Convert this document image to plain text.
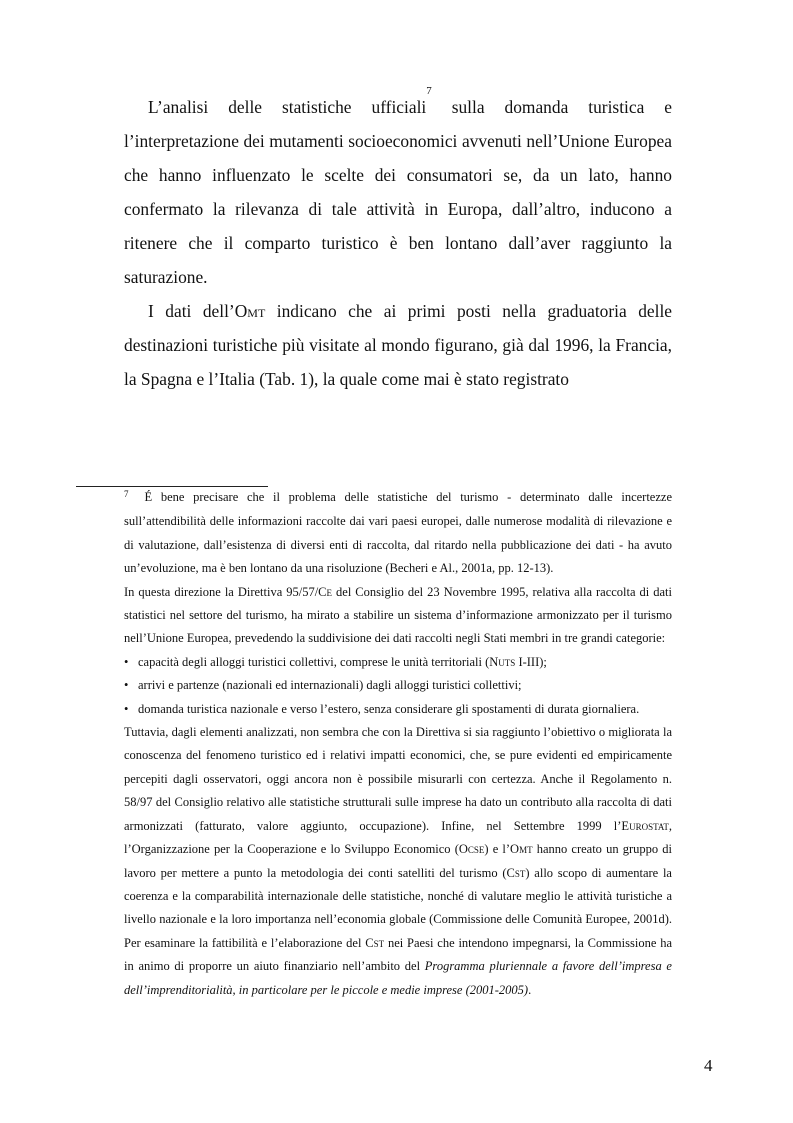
L’analisi delle statistiche ufficiali$^7$ sulla domanda turistica e l’interpretazione dei mutamenti socioeconomici avvenuti nell’Unione Europea che hanno influenzato le scelte dei consumatori se, da un lato, hanno confermato la rilevanza di tale attività in Europa, dall’altro, inducono a ritenere che il comparto turistico è ben lontano dall’aver raggiunto la saturazione.

I dati dell’Omt indicano che ai primi posti nella graduatoria delle destinazioni turistiche più visitate al mondo figurano, già dal 1996, la Francia, la Spagna e l’Italia (Tab. 1), la quale come mai è stato registrato

$^7$ É bene precisare che il problema delle statistiche del turismo - determinato dalle incertezze sull’attendibilità delle informazioni raccolte dai vari paesi europei, dalle numerose modalità di rilevazione e di valutazione, dall’esistenza di diversi enti di raccolta, dal ritardo nella pubblicazione dei dati - ha avuto un’evoluzione, ma è ben lontano da una risoluzione (Becheri e Al., 2001a, pp. 12-13).

In questa direzione la Direttiva 95/57/Ce del Consiglio del 23 Novembre 1995, relativa alla raccolta di dati statistici nel settore del turismo, ha mirato a stabilire un sistema d’informazione armonizzato per il turismo nell’Unione Europea, prevedendo la suddivisione dei dati raccolti negli Stati membri in tre grandi categorie:

• capacità degli alloggi turistici collettivi, comprese le unità territoriali (Nuts I-III);

• arrivi e partenze (nazionali ed internazionali) dagli alloggi turistici collettivi;

• domanda turistica nazionale e verso l’estero, senza considerare gli spostamenti di durata giornaliera.

Tuttavia, dagli elementi analizzati, non sembra che con la Direttiva si sia raggiunto l’obiettivo o migliorata la conoscenza del fenomeno turistico ed i relativi impatti economici, che, se pure evidenti ed empiricamente percepiti dagli osservatori, oggi ancora non è possibile misurarli con certezza. Anche il Regolamento n. 58/97 del Consiglio relativo alle statistiche strutturali sulle imprese ha dato un contributo alla raccolta di dati armonizzati (fatturato, valore aggiunto, occupazione). Infine, nel Settembre 1999 l’Eurostat, l’Organizzazione per la Cooperazione e lo Sviluppo Economico (Ocse) e l’Omt hanno creato un gruppo di lavoro per mettere a punto la metodologia dei conti satelliti del turismo (Cst) allo scopo di aumentare la coerenza e la comparabilità internazionale delle statistiche, nonché di valutare meglio le attività turistiche a livello nazionale e la loro importanza nell’economia globale (Commissione delle Comunità Europee, 2001d). Per esaminare la fattibilità e l’elaborazione del Cst nei Paesi che intendono impegnarsi, la Commissione ha in animo di proporre un aiuto finanziario nell’ambito del Programma pluriennale a favore dell’impresa e dell’imprenditorialità, in particolare per le piccole e medie imprese (2001-2005).

4
